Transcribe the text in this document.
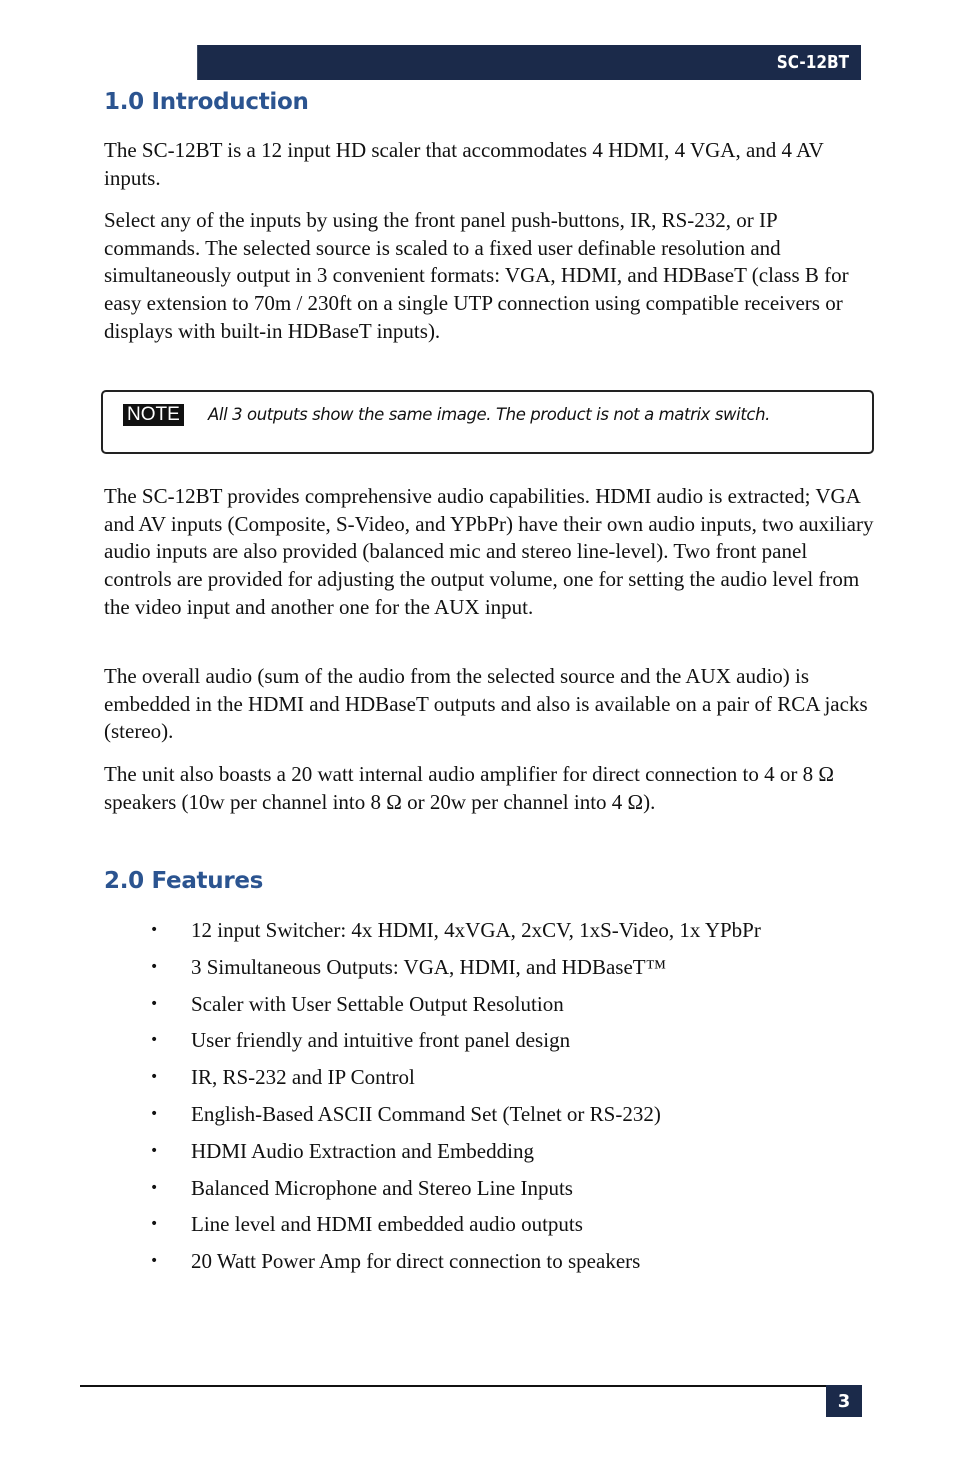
SC-12BT
1.0 Introduction

The SC-12BT is a 12 input HD scaler that accommodates 4 HDMI, 4 VGA, and 4 AV inputs.

Select any of the inputs by using the front panel push-buttons, IR, RS-232, or IP commands. The selected source is scaled to a fixed user definable resolution and simultaneously output in 3 convenient formats: VGA, HDMI, and HDBaseT (class B for easy extension to 70m / 230ft on a single UTP connection using compatible receivers or displays with built-in HDBaseT inputs).

NOTE All 3 outputs show the same image. The product is not a matrix switch.

The SC-12BT provides comprehensive audio capabilities. HDMI audio is extracted; VGA and AV inputs (Composite, S-Video, and YPbPr) have their own audio inputs, two auxiliary audio inputs are also provided (balanced mic and stereo line-level). Two front panel controls are provided for adjusting the output volume, one for setting the audio level from the video input and another one for the AUX input.

The overall audio (sum of the audio from the selected source and the AUX audio) is embedded in the HDMI and HDBaseT outputs and also is available on a pair of RCA jacks (stereo).

The unit also boasts a 20 watt internal audio amplifier for direct connection to 4 or 8 Ω speakers (10w per channel into 8 Ω or 20w per channel into 4 Ω).

2.0 Features
• 12 input Switcher: 4x HDMI, 4xVGA, 2xCV, 1xS-Video, 1x YPbPr
• 3 Simultaneous Outputs: VGA, HDMI, and HDBaseT™
• Scaler with User Settable Output Resolution
• User friendly and intuitive front panel design
• IR, RS-232 and IP Control
• English-Based ASCII Command Set (Telnet or RS-232)
• HDMI Audio Extraction and Embedding
• Balanced Microphone and Stereo Line Inputs
• Line level and HDMI embedded audio outputs
• 20 Watt Power Amp for direct connection to speakers
3
